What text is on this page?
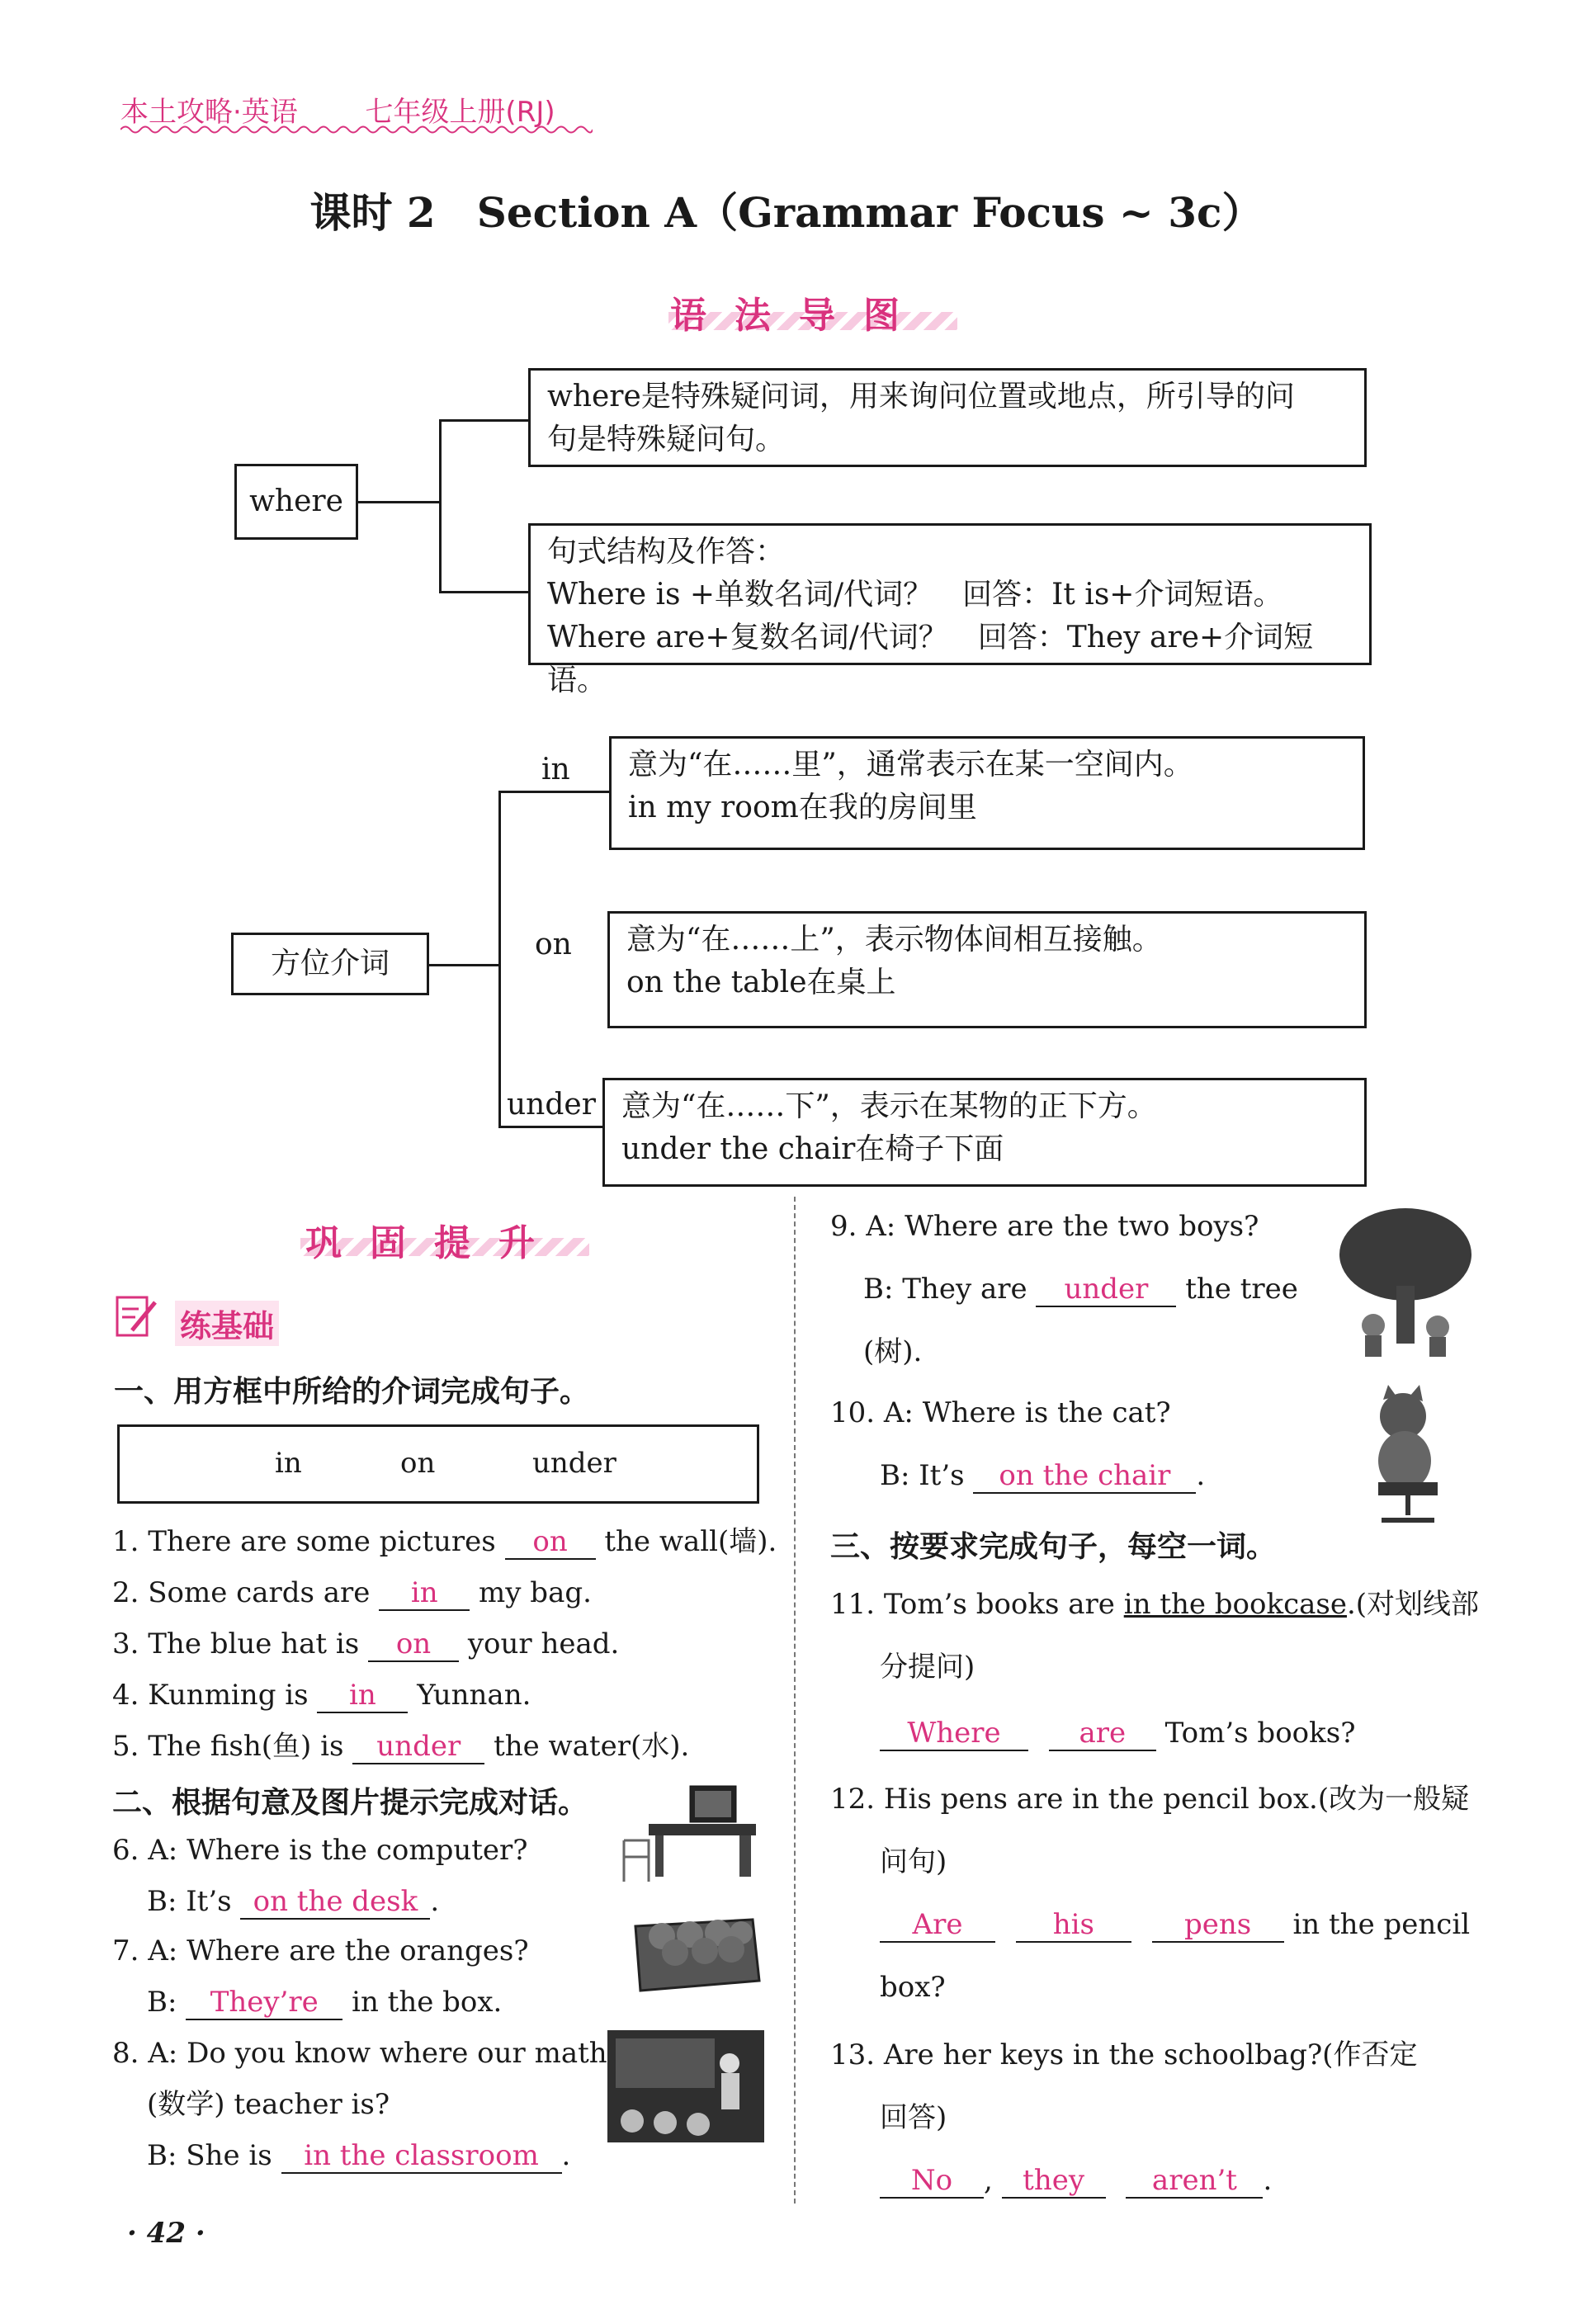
本土攻略·英语 七年级上册(RJ)
课时 2　Section A（Grammar Focus ~ 3c）
语法导图
where
where是特殊疑问词，用来询问位置或地点，所引导的问
句是特殊疑问句。
句式结构及作答：
Where is +单数名词/代词？　回答：It is+介词短语。
Where are+复数名词/代词？　回答：They are+介词短语。
方位介词
in
on
under
意为“在……里”，通常表示在某一空间内。
in my room在我的房间里
意为“在……上”，表示物体间相互接触。
on the table在桌上
意为“在……下”，表示在某物的正下方。
under the chair在椅子下面
巩固提升
练基础
一、用方框中所给的介词完成句子。
in	on	under
1. There are some pictures on the wall(墙).
2. Some cards are in my bag.
3. The blue hat is on your head.
4. Kunming is in Yunnan.
5. The fish(鱼) is under the water(水).
二、根据句意及图片提示完成对话。
6. A: Where is the computer?
B: It’s on the desk .
7. A: Where are the oranges?
B: They’re in the box.
8. A: Do you know where our math
(数学) teacher is?
B: She is in the classroom .
9. A: Where are the two boys?
B: They are under the tree
(树).
10. A: Where is the cat?
B: It’s on the chair .
三、按要求完成句子，每空一词。
11. Tom’s books are in the bookcase.(对划线部
分提问)
Where	are Tom’s books?
12. His pens are in the pencil box.(改为一般疑
问句)
Are	his	pens in the pencil
box?
13. Are her keys in the schoolbag?(作否定
回答)
No , they aren’t .
· 42 ·
